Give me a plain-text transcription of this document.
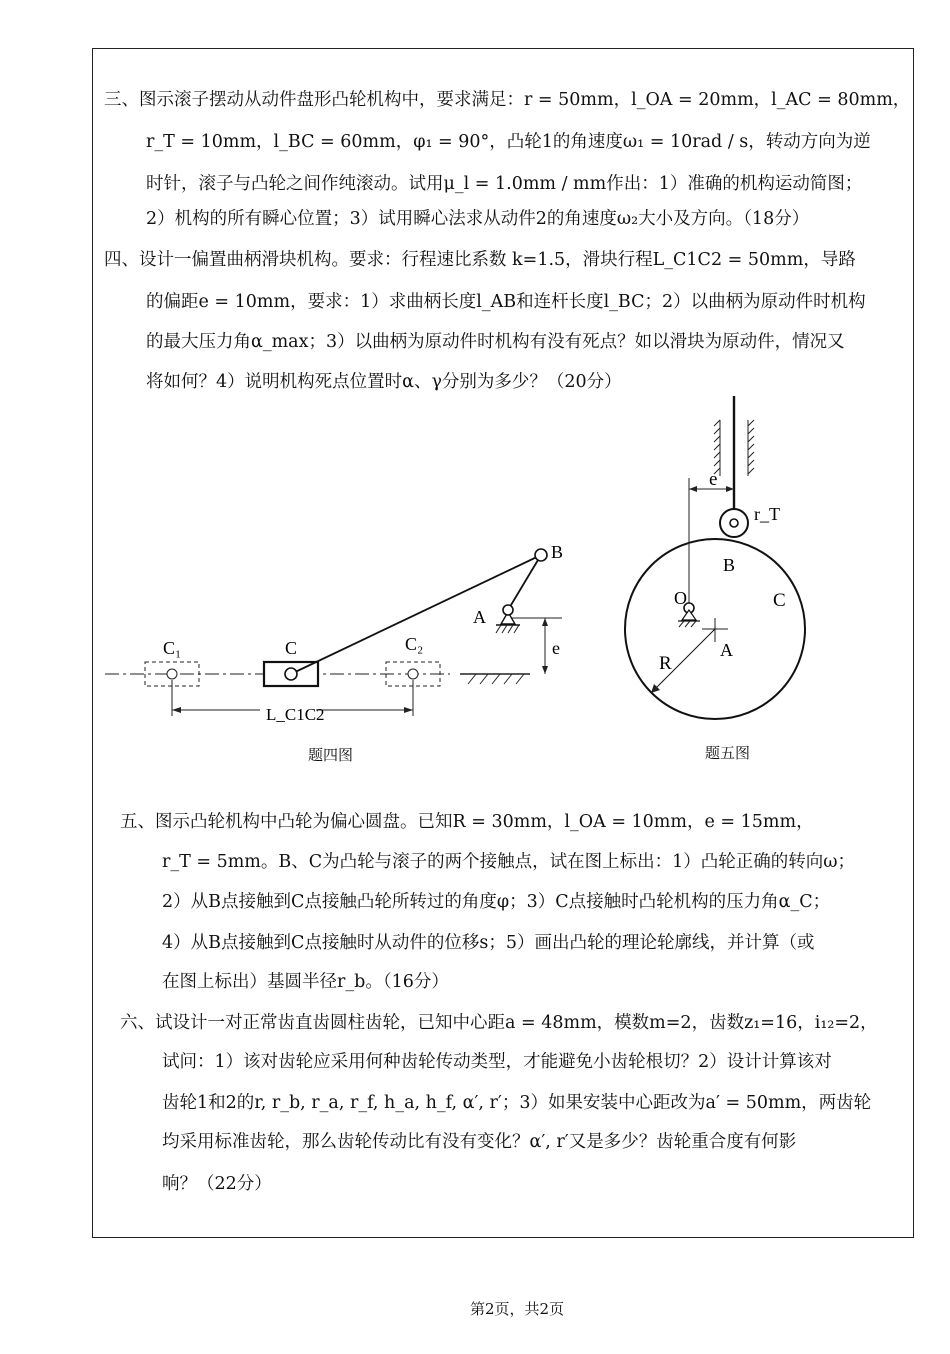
三、图示滚子摆动从动件盘形凸轮机构中，要求满足：r = 50mm，l_OA = 20mm，l_AC = 80mm，
r_T = 10mm，l_BC = 60mm，φ₁ = 90°，凸轮1的角速度ω₁ = 10rad / s，转动方向为逆
时针，滚子与凸轮之间作纯滚动。试用μ_l = 1.0mm / mm作出：1）准确的机构运动简图；
2）机构的所有瞬心位置；3）试用瞬心法求从动件2的角速度ω₂大小及方向。（18分）
四、设计一偏置曲柄滑块机构。要求：行程速比系数 k=1.5，滑块行程L_C1C2 = 50mm，导路
的偏距e = 10mm，要求：1）求曲柄长度l_AB和连杆长度l_BC；2）以曲柄为原动件时机构
的最大压力角α_max；3）以曲柄为原动件时机构有没有死点？如以滑块为原动件，情况又
将如何？4）说明机构死点位置时α、γ分别为多少？（20分）
B
A
C
C₁	C₂	e
L_C1C2
e
r_T
B
O	C
A
R
题四图	题五图
五、图示凸轮机构中凸轮为偏心圆盘。已知R = 30mm，l_OA = 10mm，e = 15mm，
r_T = 5mm。B、C为凸轮与滚子的两个接触点，试在图上标出：1）凸轮正确的转向ω；
2）从B点接触到C点接触凸轮所转过的角度φ；3）C点接触时凸轮机构的压力角α_C；
4）从B点接触到C点接触时从动件的位移s；5）画出凸轮的理论轮廓线，并计算（或
在图上标出）基圆半径r_b。（16分）
六、试设计一对正常齿直齿圆柱齿轮，已知中心距a = 48mm，模数m=2，齿数z₁=16，i₁₂=2，
试问：1）该对齿轮应采用何种齿轮传动类型，才能避免小齿轮根切？2）设计计算该对
齿轮1和2的r, r_b, r_a, r_f, h_a, h_f, α′, r′；3）如果安装中心距改为a′ = 50mm，两齿轮
均采用标准齿轮，那么齿轮传动比有没有变化？α′, r′又是多少？齿轮重合度有何影
响？（22分）
第2页，共2页
